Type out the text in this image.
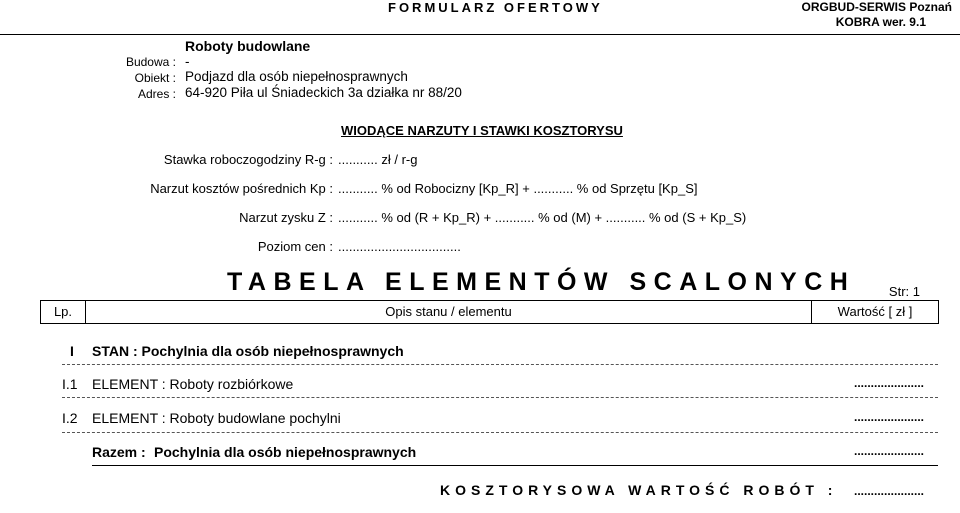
FORMULARZ OFERTOWY	ORGBUD-SERWIS Poznań
KOBRA wer. 9.1
Roboty budowlane
Budowa : -
Obiekt : Podjazd dla osób niepełnosprawnych
Adres : 64-920 Piła ul Śniadeckich 3a działka nr 88/20
WIODĄCE NARZUTY I STAWKI KOSZTORYSU
Stawka roboczogodziny R-g : ........... zł / r-g
Narzut kosztów pośrednich Kp : ........... % od Robocizny [Kp_R] + ........... % od Sprzętu [Kp_S]
Narzut zysku Z : ........... % od (R + Kp_R) + ........... % od (M) + ........... % od (S + Kp_S)
Poziom cen : ..................................
TABELA ELEMENTÓW SCALONYCH	Str: 1
Lp.	Opis stanu / elementu	Wartość [ zł ]
I STAN : Pochylnia dla osób niepełnosprawnych
I.1 ELEMENT : Roboty rozbiórkowe	.....................
I.2 ELEMENT : Roboty budowlane pochylni	.....................
Razem : Pochylnia dla osób niepełnosprawnych	.....................
KOSZTORYSOWA WARTOŚĆ ROBÓT : .....................
